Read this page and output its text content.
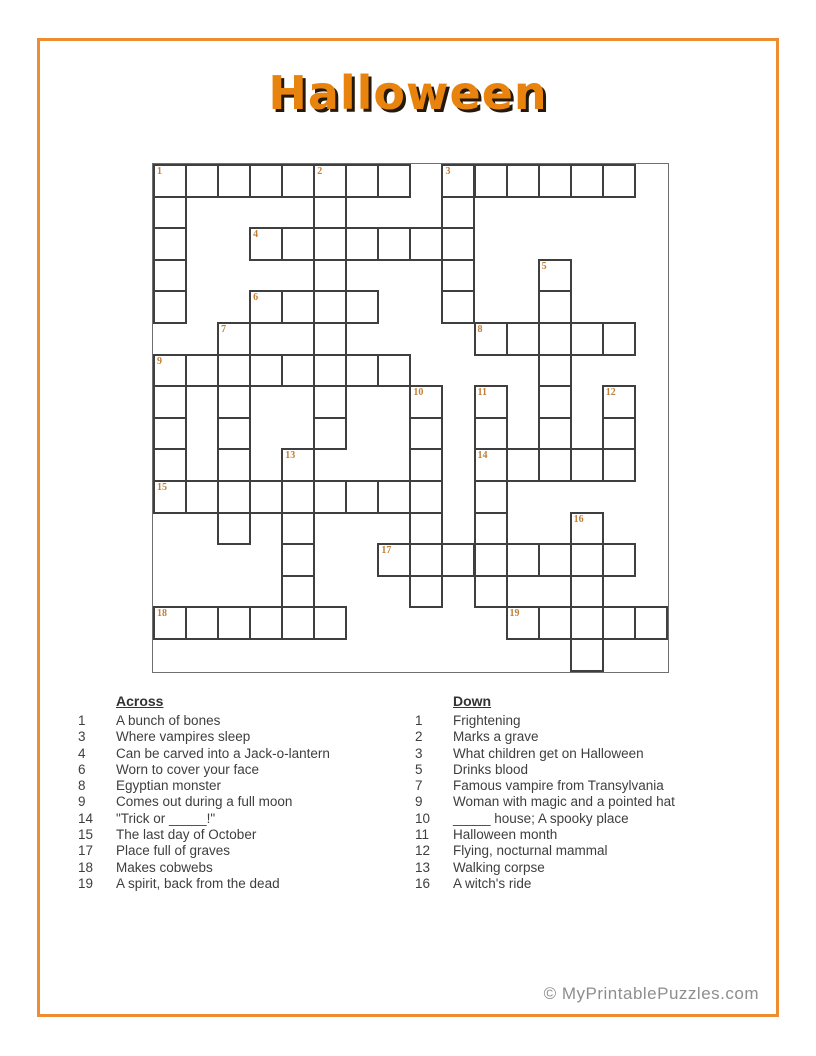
Halloween
1	2	3
4
5
6
7	8
9
10	11	12
13	14
15
16
17
18	19
Across
1 A bunch of bones
3 Where vampires sleep
4 Can be carved into a Jack-o-lantern
6 Worn to cover your face
8 Egyptian monster
9 Comes out during a full moon
14 "Trick or _____!"
15 The last day of October
17 Place full of graves
18 Makes cobwebs
19 A spirit, back from the dead
Down
1 Frightening
2 Marks a grave
3 What children get on Halloween
5 Drinks blood
7 Famous vampire from Transylvania
9 Woman with magic and a pointed hat
10 _____ house; A spooky place
11 Halloween month
12 Flying, nocturnal mammal
13 Walking corpse
16 A witch's ride
© MyPrintablePuzzles.com
